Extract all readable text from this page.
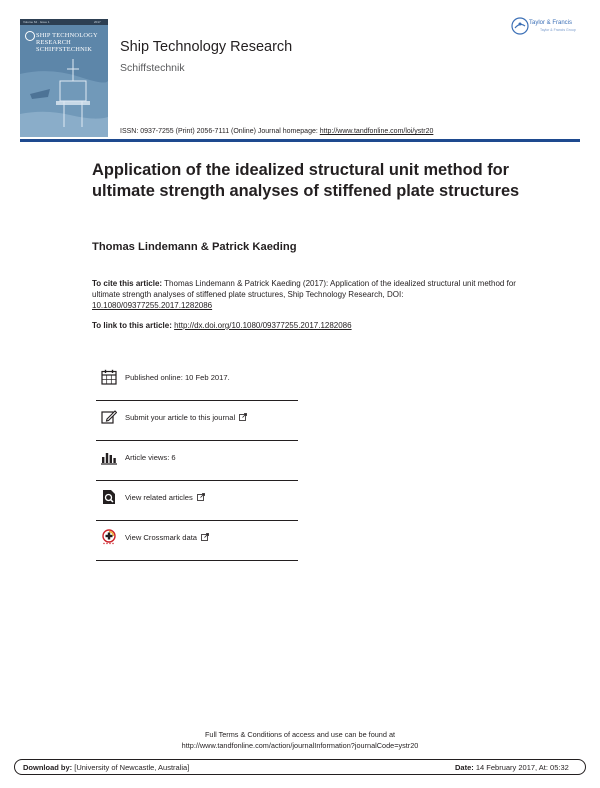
Volume 64 · Issue 1	2017
SHIP TECHNOLOGY
RESEARCH
SCHIFFSTECHNIK	Ship Technology Research
Schiffstechnik
ISSN: 0937-7255 (Print) 2056-7111 (Online) Journal homepage: http://www.tandfonline.com/loi/ystr20
Taylor & Francis
Taylor & Francis Group
Application of the idealized structural unit method for ultimate strength analyses of stiffened plate structures
Thomas Lindemann & Patrick Kaeding
To cite this article: Thomas Lindemann & Patrick Kaeding (2017): Application of the idealized structural unit method for ultimate strength analyses of stiffened plate structures, Ship Technology Research, DOI: 10.1080/09377255.2017.1282086
To link to this article: http://dx.doi.org/10.1080/09377255.2017.1282086
Published online: 10 Feb 2017.
Submit your article to this journal
Article views: 6
View related articles
View Crossmark data
Full Terms & Conditions of access and use can be found at
http://www.tandfonline.com/action/journalInformation?journalCode=ystr20
Download by: [University of Newcastle, Australia]	Date: 14 February 2017, At: 05:32
